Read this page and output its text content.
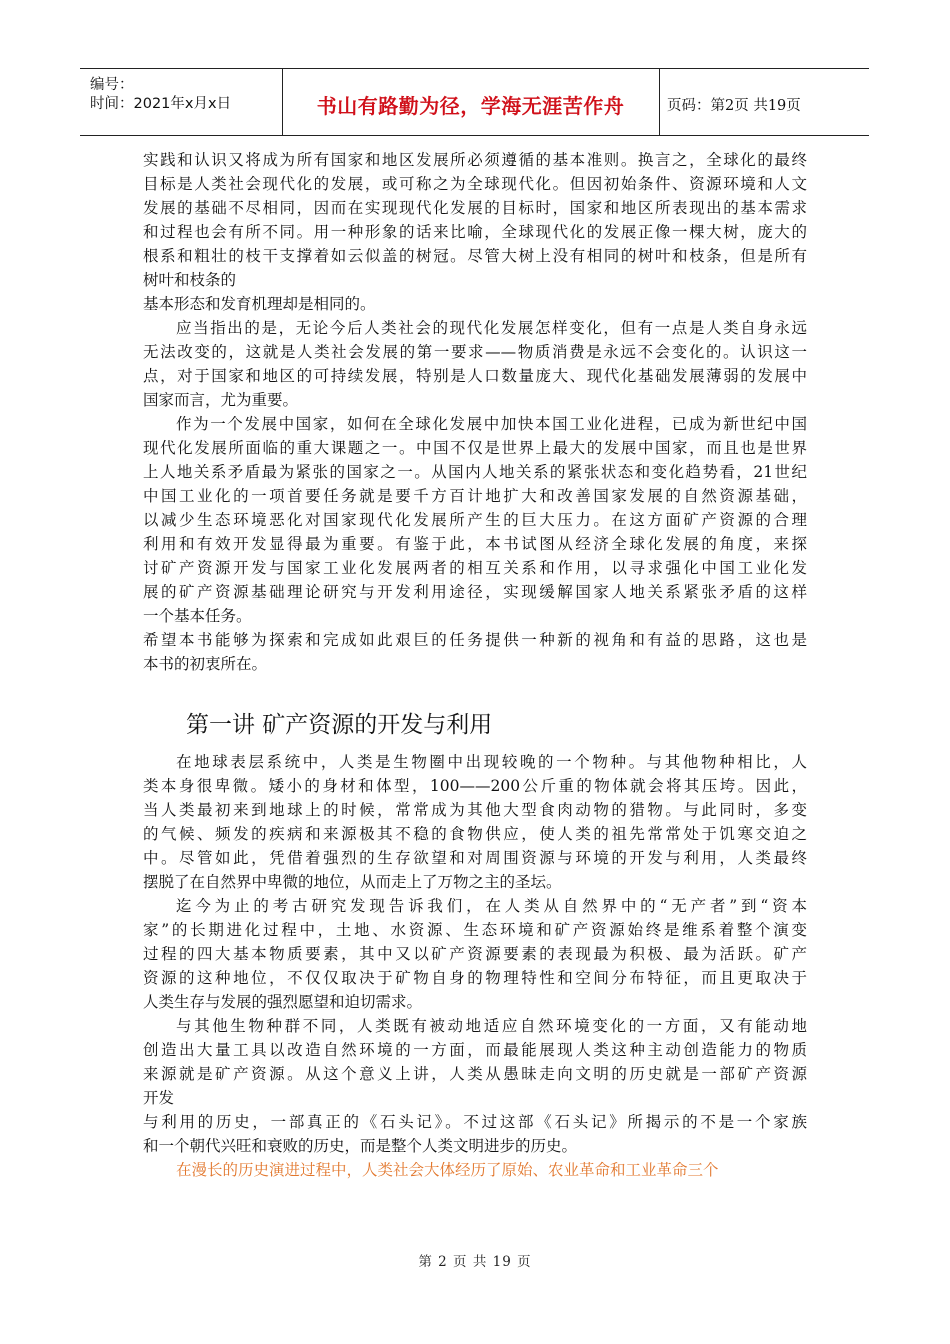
编号：
时间：2021年x月x日	书山有路勤为径，学海无涯苦作舟	页码：第2页 共19页
实践和认识又将成为所有国家和地区发展所必须遵循的基本准则。换言之，全球化的最终
目标是人类社会现代化的发展，或可称之为全球现代化。但因初始条件、资源环境和人文
发展的基础不尽相同，因而在实现现代化发展的目标时，国家和地区所表现出的基本需求
和过程也会有所不同。用一种形象的话来比喻，全球现代化的发展正像一棵大树，庞大的
根系和粗壮的枝干支撑着如云似盖的树冠。尽管大树上没有相同的树叶和枝条，但是所有
树叶和枝条的
基本形态和发育机理却是相同的。
应当指出的是，无论今后人类社会的现代化发展怎样变化，但有一点是人类自身永远
无法改变的，这就是人类社会发展的第一要求——物质消费是永远不会变化的。认识这一
点，对于国家和地区的可持续发展，特别是人口数量庞大、现代化基础发展薄弱的发展中
国家而言，尤为重要。
作为一个发展中国家，如何在全球化发展中加快本国工业化进程，已成为新世纪中国
现代化发展所面临的重大课题之一。中国不仅是世界上最大的发展中国家，而且也是世界
上人地关系矛盾最为紧张的国家之一。从国内人地关系的紧张状态和变化趋势看，21世纪
中国工业化的一项首要任务就是要千方百计地扩大和改善国家发展的自然资源基础，
以减少生态环境恶化对国家现代化发展所产生的巨大压力。在这方面矿产资源的合理
利用和有效开发显得最为重要。有鉴于此，本书试图从经济全球化发展的角度，来探
讨矿产资源开发与国家工业化发展两者的相互关系和作用，以寻求强化中国工业化发
展的矿产资源基础理论研究与开发利用途径，实现缓解国家人地关系紧张矛盾的这样
一个基本任务。
希望本书能够为探索和完成如此艰巨的任务提供一种新的视角和有益的思路，这也是
本书的初衷所在。
第一讲 矿产资源的开发与利用
在地球表层系统中，人类是生物圈中出现较晚的一个物种。与其他物种相比，人
类本身很卑微。矮小的身材和体型，100——200公斤重的物体就会将其压垮。因此，
当人类最初来到地球上的时候，常常成为其他大型食肉动物的猎物。与此同时，多变
的气候、频发的疾病和来源极其不稳的食物供应，使人类的祖先常常处于饥寒交迫之
中。尽管如此，凭借着强烈的生存欲望和对周围资源与环境的开发与利用，人类最终
摆脱了在自然界中卑微的地位，从而走上了万物之主的圣坛。
迄今为止的考古研究发现告诉我们，在人类从自然界中的“无产者”到“资本
家”的长期进化过程中，土地、水资源、生态环境和矿产资源始终是维系着整个演变
过程的四大基本物质要素，其中又以矿产资源要素的表现最为积极、最为活跃。矿产
资源的这种地位，不仅仅取决于矿物自身的物理特性和空间分布特征，而且更取决于
人类生存与发展的强烈愿望和迫切需求。
与其他生物种群不同，人类既有被动地适应自然环境变化的一方面，又有能动地
创造出大量工具以改造自然环境的一方面，而最能展现人类这种主动创造能力的物质
来源就是矿产资源。从这个意义上讲，人类从愚昧走向文明的历史就是一部矿产资源
开发
与利用的历史，一部真正的《石头记》。不过这部《石头记》所揭示的不是一个家族
和一个朝代兴旺和衰败的历史，而是整个人类文明进步的历史。
在漫长的历史演进过程中，人类社会大体经历了原始、农业革命和工业革命三个
第 2 页 共 19 页
